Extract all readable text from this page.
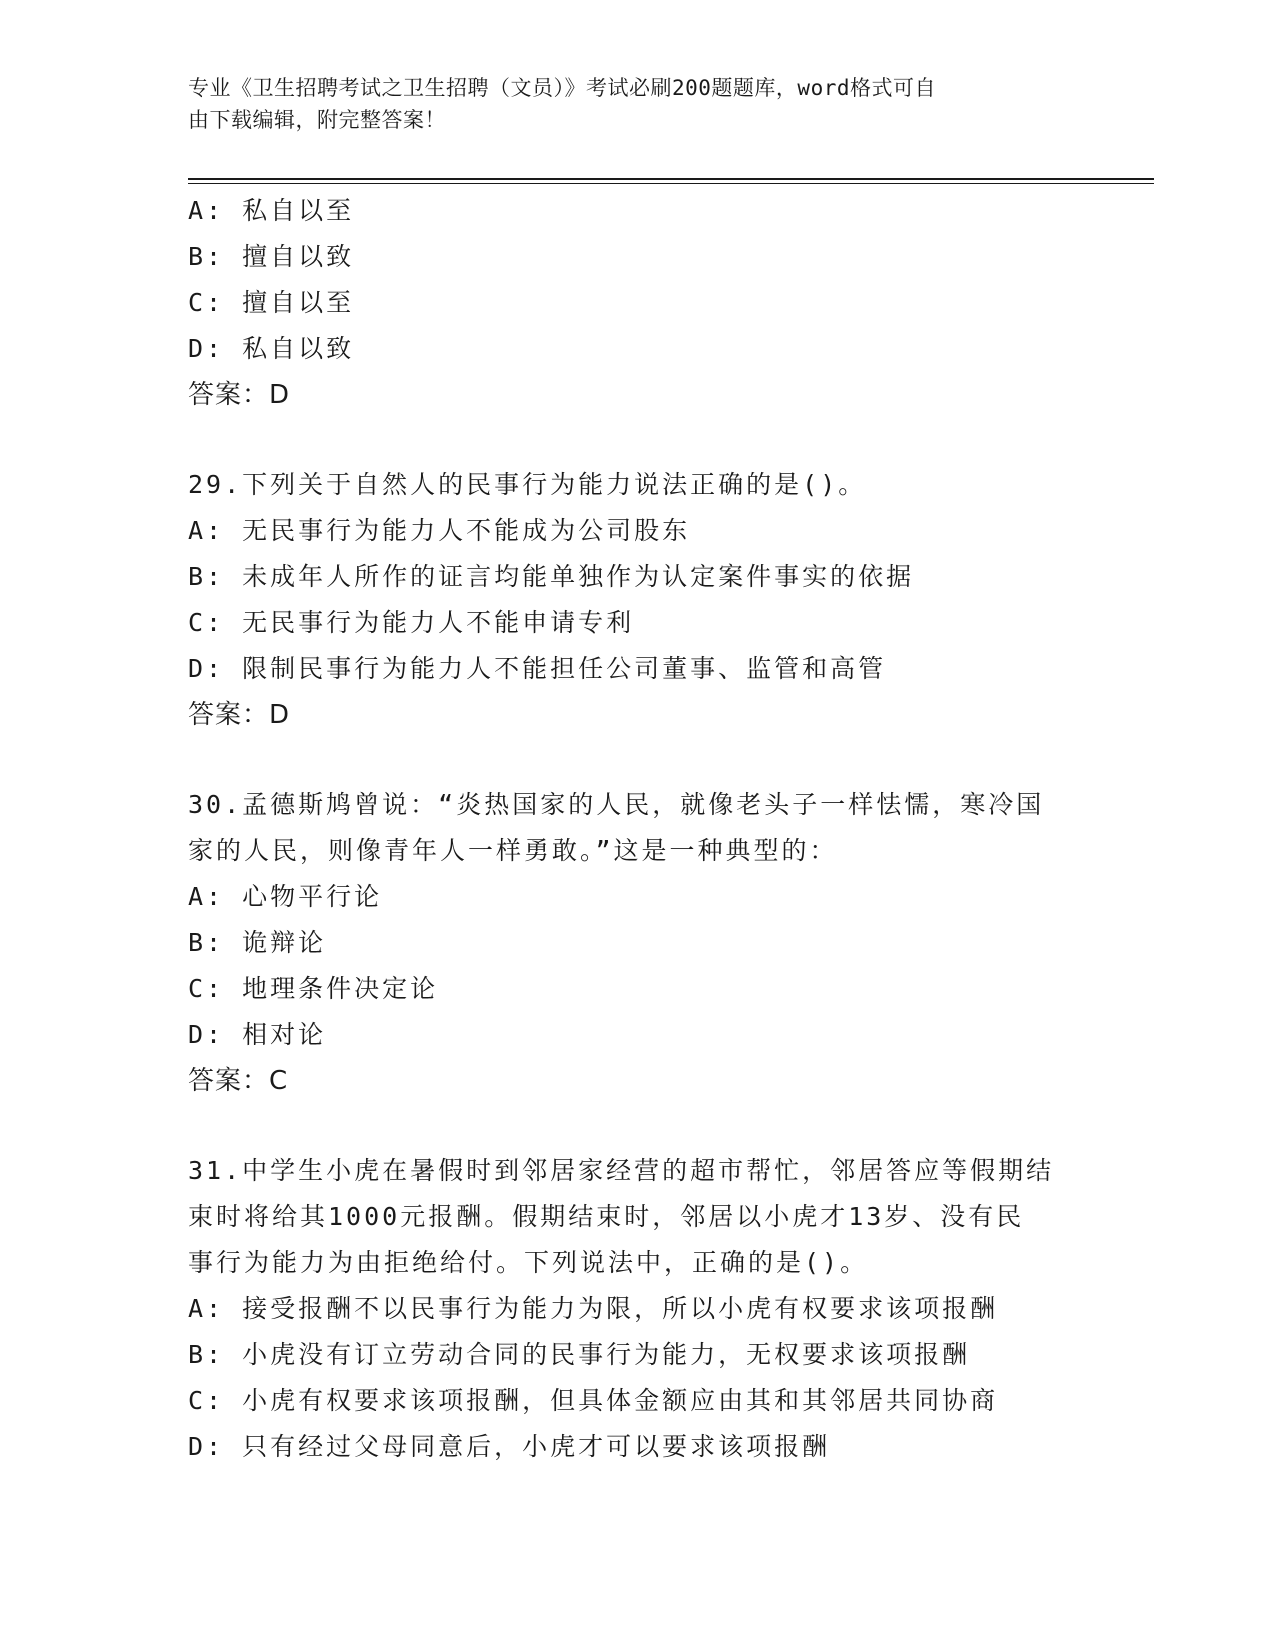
专业《卫生招聘考试之卫生招聘（文员）》考试必刷200题题库，word格式可自
由下载编辑，附完整答案！
A: 私自以至
B: 擅自以致
C: 擅自以至
D: 私自以致
答案：D
29.下列关于自然人的民事行为能力说法正确的是()。
A: 无民事行为能力人不能成为公司股东
B: 未成年人所作的证言均能单独作为认定案件事实的依据
C: 无民事行为能力人不能申请专利
D: 限制民事行为能力人不能担任公司董事、监管和高管
答案：D
30.孟德斯鸠曾说：“炎热国家的人民，就像老头子一样怯懦，寒冷国
家的人民，则像青年人一样勇敢。”这是一种典型的：
A: 心物平行论
B: 诡辩论
C: 地理条件决定论
D: 相对论
答案：C
31.中学生小虎在暑假时到邻居家经营的超市帮忙，邻居答应等假期结
束时将给其1000元报酬。假期结束时，邻居以小虎才13岁、没有民
事行为能力为由拒绝给付。下列说法中，正确的是()。
A: 接受报酬不以民事行为能力为限，所以小虎有权要求该项报酬
B: 小虎没有订立劳动合同的民事行为能力，无权要求该项报酬
C: 小虎有权要求该项报酬，但具体金额应由其和其邻居共同协商
D: 只有经过父母同意后，小虎才可以要求该项报酬
